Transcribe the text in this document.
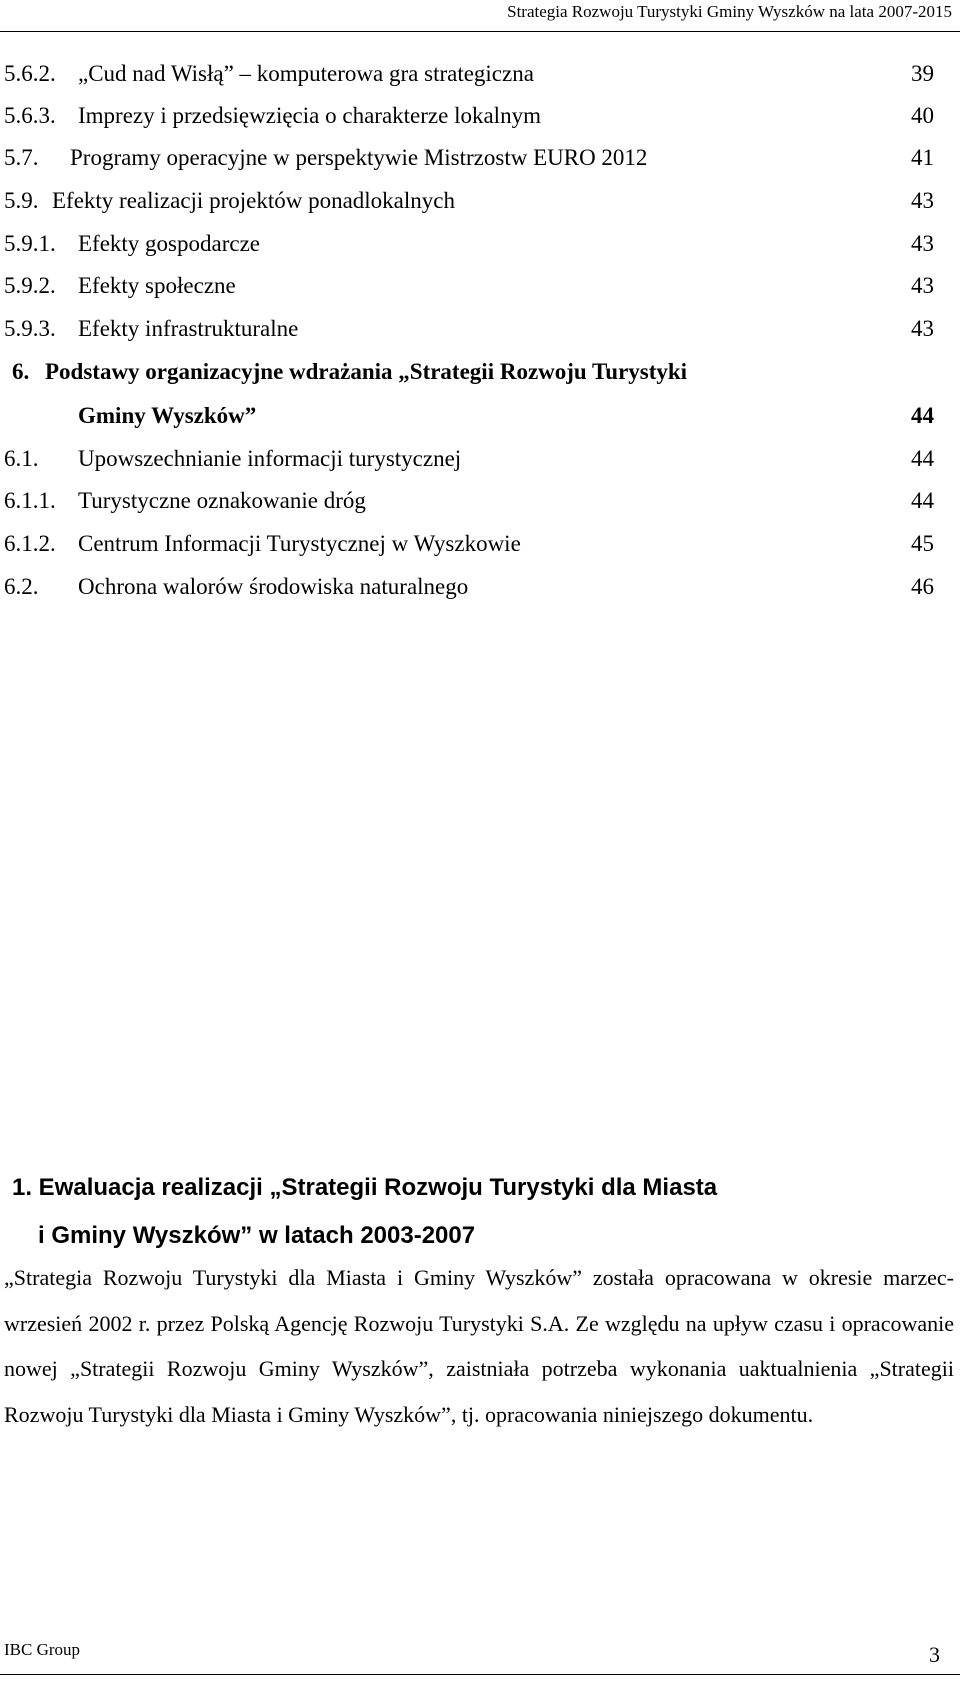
Strategia Rozwoju Turystyki Gminy Wyszków na lata 2007-2015
5.6.2. „Cud nad Wisłą” – komputerowa gra strategiczna	39
5.6.3. Imprezy i przedsięwzięcia o charakterze lokalnym	40
5.7. Programy operacyjne w perspektywie Mistrzostw EURO 2012	41
5.9. Efekty realizacji projektów ponadlokalnych	43
5.9.1. Efekty gospodarcze	43
5.9.2. Efekty społeczne	43
5.9.3. Efekty infrastrukturalne	43
6. Podstawy organizacyjne wdrażania „Strategii Rozwoju Turystyki
Gminy Wyszków”	44
6.1. Upowszechnianie informacji turystycznej	44
6.1.1. Turystyczne oznakowanie dróg	44
6.1.2. Centrum Informacji Turystycznej w Wyszkowie	45
6.2. Ochrona walorów środowiska naturalnego	46
1. Ewaluacja realizacji „Strategii Rozwoju Turystyki dla Miasta
i Gminy Wyszków” w latach 2003-2007
„Strategia Rozwoju Turystyki dla Miasta i Gminy Wyszków” została opracowana w okresie marzec-wrzesień 2002 r. przez Polską Agencję Rozwoju Turystyki S.A. Ze względu na upływ czasu i opracowanie nowej „Strategii Rozwoju Gminy Wyszków”, zaistniała potrzeba wykonania uaktualnienia „Strategii Rozwoju Turystyki dla Miasta i Gminy Wyszków”, tj. opracowania niniejszego dokumentu.
IBC Group	3
